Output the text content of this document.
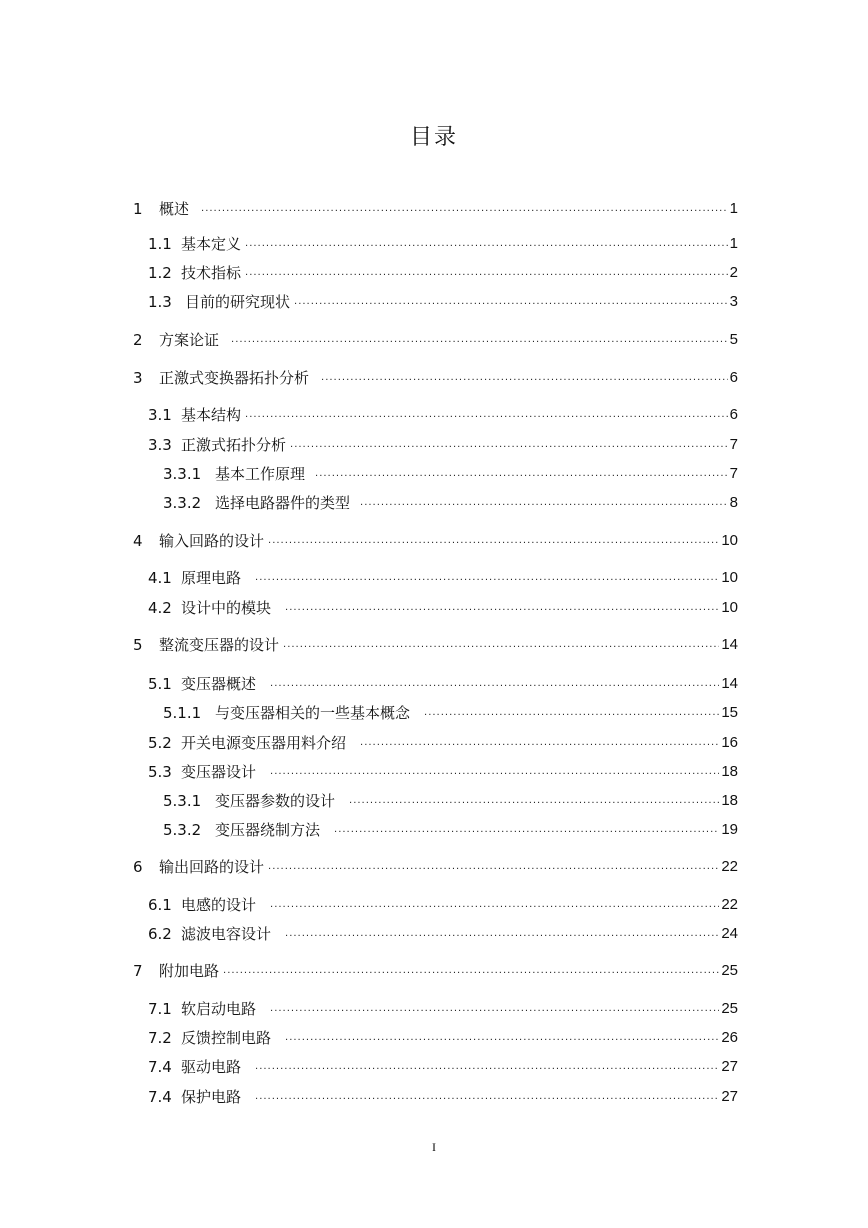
目录
1	概述 ·····	1
1.1 基本定义 ·····	1
1.2 技术指标 ·····	2
1.3 目前的研究现状 ·····	3
2	方案论证 ·····	5
3	正激式变换器拓扑分析 ·····	6
3.1 基本结构 ·····	6
3.3 正激式拓扑分析 ·····	7
3.3.1 基本工作原理 ·····	7
3.3.2 选择电路器件的类型 ·····	8
4	输入回路的设计 ·····	10
4.1 原理电路 ·····	10
4.2 设计中的模块 ·····	10
5	整流变压器的设计 ·····	14
5.1 变压器概述 ·····	14
5.1.1 与变压器相关的一些基本概念 ·····	15
5.2 开关电源变压器用料介绍 ·····	16
5.3 变压器设计 ·····	18
5.3.1 变压器参数的设计 ·····	18
5.3.2 变压器绕制方法 ·····	19
6	输出回路的设计 ·····	22
6.1 电感的设计 ·····	22
6.2 滤波电容设计 ·····	24
7	附加电路 ·····	25
7.1 软启动电路 ·····	25
7.2 反馈控制电路 ·····	26
7.4 驱动电路 ·····	27
7.4 保护电路 ·····	27
I
